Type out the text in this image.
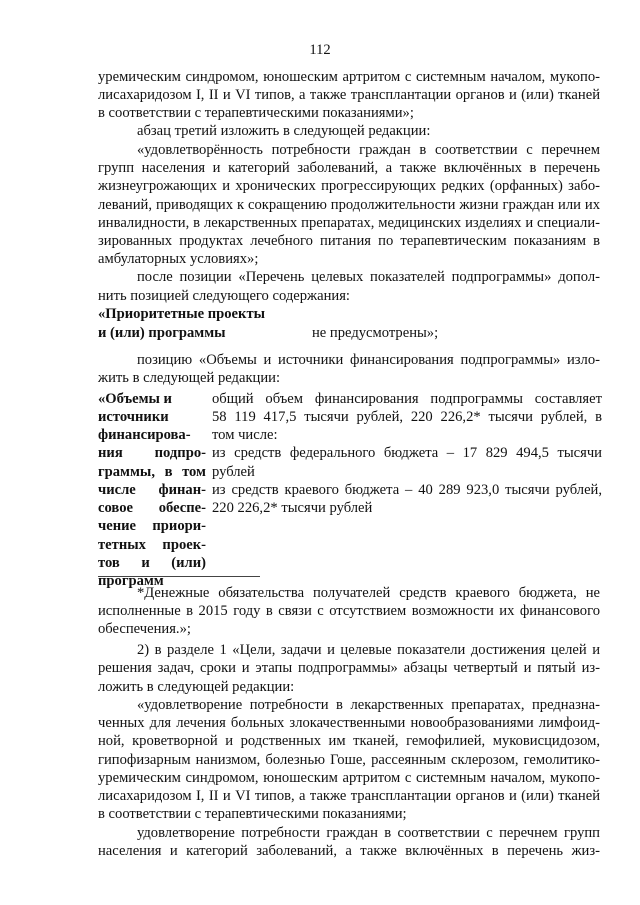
112
уремическим синдромом, юношеским артритом с системным началом, мукопо-
лисахаридозом I, II и VI типов, а также трансплантации органов и (или) тканей
в соответствии с терапевтическими показаниями»;
абзац третий изложить в следующей редакции:
«удовлетворённость потребности граждан в соответствии с перечнем
групп населения и категорий заболеваний, а также включённых в перечень
жизнеугрожающих и хронических прогрессирующих редких (орфанных) забо-
леваний, приводящих к сокращению продолжительности жизни граждан или их
инвалидности, в лекарственных препаратах, медицинских изделиях и специали-
зированных продуктах лечебного питания по терапевтическим показаниям в
амбулаторных условиях»;
после позиции «Перечень целевых показателей подпрограммы» допол-
нить позицией следующего содержания:
«Приоритетные проекты
и (или) программы	не предусмотрены»;
позицию «Объемы и источники финансирования подпрограммы» изло-
жить в следующей редакции:
«Объемы и
источники
финансирова-
ния подпро-
граммы, в том
числе финан-
совое обеспе-
чение приори-
тетных проек-
тов и (или)
программ
общий объем финансирования подпрограммы составляет
58 119 417,5 тысячи рублей, 220 226,2* тысячи рублей, в
том числе:
из средств федерального бюджета – 17 829 494,5 тысячи
рублей
из средств краевого бюджета – 40 289 923,0 тысячи рублей,
220 226,2* тысячи рублей
*Денежные обязательства получателей средств краевого бюджета, не
исполненные в 2015 году в связи с отсутствием возможности их финансового
обеспечения.»;
2) в разделе 1 «Цели, задачи и целевые показатели достижения целей и
решения задач, сроки и этапы подпрограммы» абзацы четвертый и пятый из-
ложить в следующей редакции:
«удовлетворение потребности в лекарственных препаратах, предназна-
ченных для лечения больных злокачественными новообразованиями лимфоид-
ной, кроветворной и родственных им тканей, гемофилией, муковисцидозом,
гипофизарным нанизмом, болезнью Гоше, рассеянным склерозом, гемолитико-
уремическим синдромом, юношеским артритом с системным началом, мукопо-
лисахаридозом I, II и VI типов, а также трансплантации органов и (или) тканей
в соответствии с терапевтическими показаниями;
удовлетворение потребности граждан в соответствии с перечнем групп
населения и категорий заболеваний, а также включённых в перечень жиз-
